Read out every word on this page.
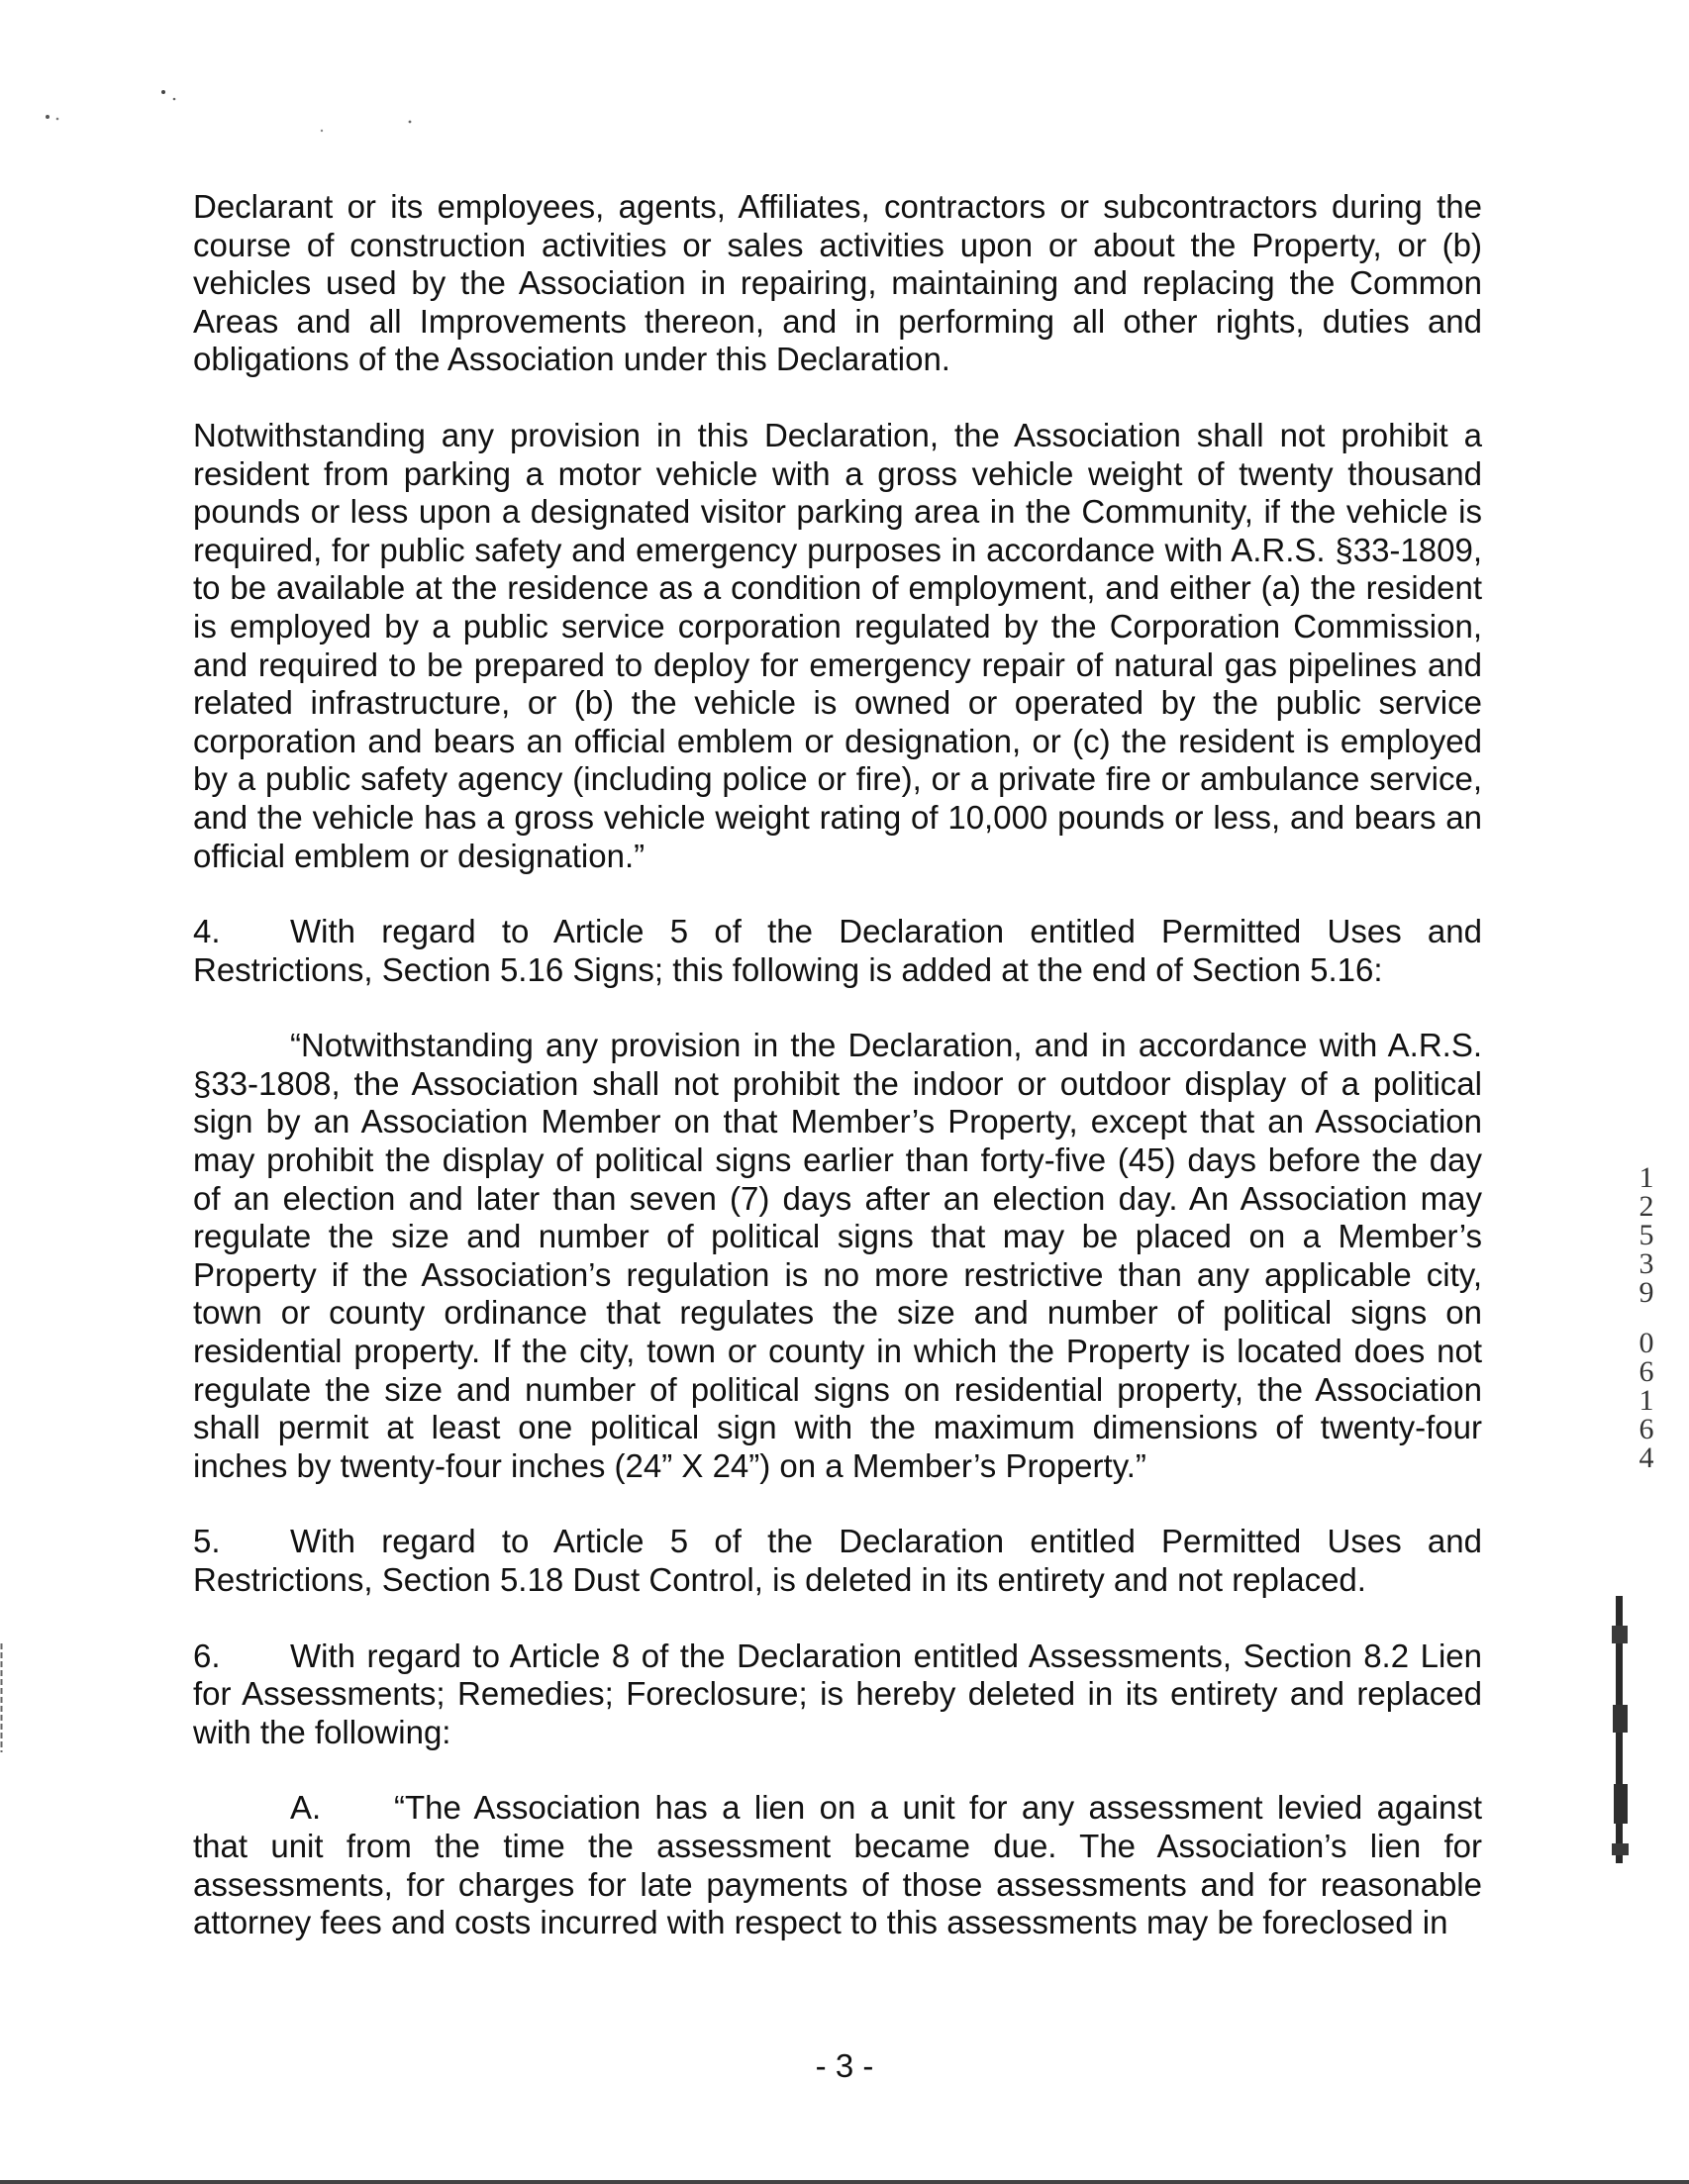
Declarant or its employees, agents, Affiliates, contractors or subcontractors during the course of construction activities or sales activities upon or about the Property, or (b) vehicles used by the Association in repairing, maintaining and replacing the Common Areas and all Improvements thereon, and in performing all other rights, duties and obligations of the Association under this Declaration.

Notwithstanding any provision in this Declaration, the Association shall not prohibit a resident from parking a motor vehicle with a gross vehicle weight of twenty thousand pounds or less upon a designated visitor parking area in the Community, if the vehicle is required, for public safety and emergency purposes in accordance with A.R.S. §33-1809, to be available at the residence as a condition of employment, and either (a) the resident is employed by a public service corporation regulated by the Corporation Commission, and required to be prepared to deploy for emergency repair of natural gas pipelines and related infrastructure, or (b) the vehicle is owned or operated by the public service corporation and bears an official emblem or designation, or (c) the resident is employed by a public safety agency (including police or fire), or a private fire or ambulance service, and the vehicle has a gross vehicle weight rating of 10,000 pounds or less, and bears an official emblem or designation.”

4. With regard to Article 5 of the Declaration entitled Permitted Uses and Restrictions, Section 5.16 Signs; this following is added at the end of Section 5.16:

“Notwithstanding any provision in the Declaration, and in accordance with A.R.S. §33-1808, the Association shall not prohibit the indoor or outdoor display of a political sign by an Association Member on that Member’s Property, except that an Association may prohibit the display of political signs earlier than forty-five (45) days before the day of an election and later than seven (7) days after an election day. An Association may regulate the size and number of political signs that may be placed on a Member’s Property if the Association’s regulation is no more restrictive than any applicable city, town or county ordinance that regulates the size and number of political signs on residential property. If the city, town or county in which the Property is located does not regulate the size and number of political signs on residential property, the Association shall permit at least one political sign with the maximum dimensions of twenty-four inches by twenty-four inches (24” X 24”) on a Member’s Property.”

5. With regard to Article 5 of the Declaration entitled Permitted Uses and Restrictions, Section 5.18 Dust Control, is deleted in its entirety and not replaced.

6. With regard to Article 8 of the Declaration entitled Assessments, Section 8.2 Lien for Assessments; Remedies; Foreclosure; is hereby deleted in its entirety and replaced with the following:

A. “The Association has a lien on a unit for any assessment levied against that unit from the time the assessment became due. The Association’s lien for assessments, for charges for late payments of those assessments and for reasonable attorney fees and costs incurred with respect to this assessments may be foreclosed in

1
2
5
3
9
0
6
1
6
4
- 3 -
